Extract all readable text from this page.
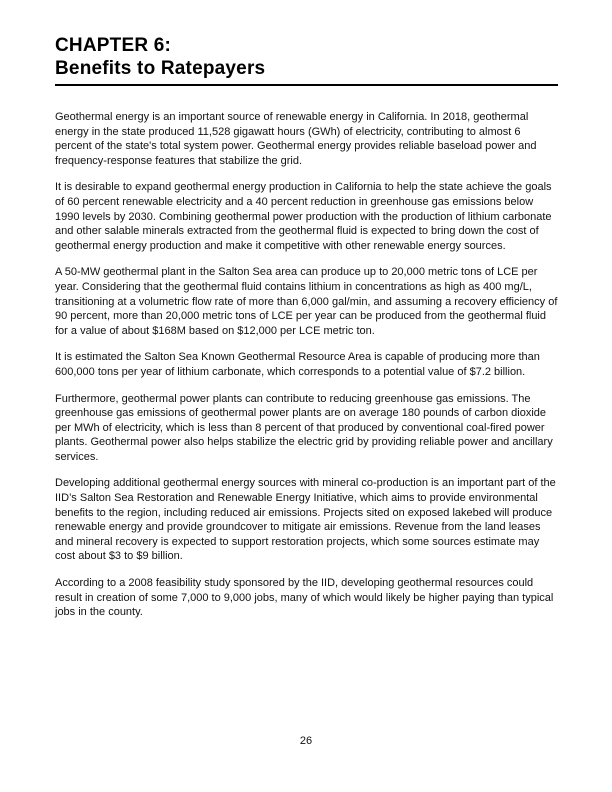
CHAPTER 6:
Benefits to Ratepayers

Geothermal energy is an important source of renewable energy in California. In 2018, geothermal energy in the state produced 11,528 gigawatt hours (GWh) of electricity, contributing to almost 6 percent of the state's total system power. Geothermal energy provides reliable baseload power and frequency-response features that stabilize the grid.

It is desirable to expand geothermal energy production in California to help the state achieve the goals of 60 percent renewable electricity and a 40 percent reduction in greenhouse gas emissions below 1990 levels by 2030. Combining geothermal power production with the production of lithium carbonate and other salable minerals extracted from the geothermal fluid is expected to bring down the cost of geothermal energy production and make it competitive with other renewable energy sources.

A 50-MW geothermal plant in the Salton Sea area can produce up to 20,000 metric tons of LCE per year. Considering that the geothermal fluid contains lithium in concentrations as high as 400 mg/L, transitioning at a volumetric flow rate of more than 6,000 gal/min, and assuming a recovery efficiency of 90 percent, more than 20,000 metric tons of LCE per year can be produced from the geothermal fluid for a value of about $168M based on $12,000 per LCE metric ton.

It is estimated the Salton Sea Known Geothermal Resource Area is capable of producing more than 600,000 tons per year of lithium carbonate, which corresponds to a potential value of $7.2 billion.

Furthermore, geothermal power plants can contribute to reducing greenhouse gas emissions. The greenhouse gas emissions of geothermal power plants are on average 180 pounds of carbon dioxide per MWh of electricity, which is less than 8 percent of that produced by conventional coal-fired power plants. Geothermal power also helps stabilize the electric grid by providing reliable power and ancillary services.

Developing additional geothermal energy sources with mineral co-production is an important part of the IID’s Salton Sea Restoration and Renewable Energy Initiative, which aims to provide environmental benefits to the region, including reduced air emissions. Projects sited on exposed lakebed will produce renewable energy and provide groundcover to mitigate air emissions. Revenue from the land leases and mineral recovery is expected to support restoration projects, which some sources estimate may cost about $3 to $9 billion.

According to a 2008 feasibility study sponsored by the IID, developing geothermal resources could result in creation of some 7,000 to 9,000 jobs, many of which would likely be higher paying than typical jobs in the county.

26
